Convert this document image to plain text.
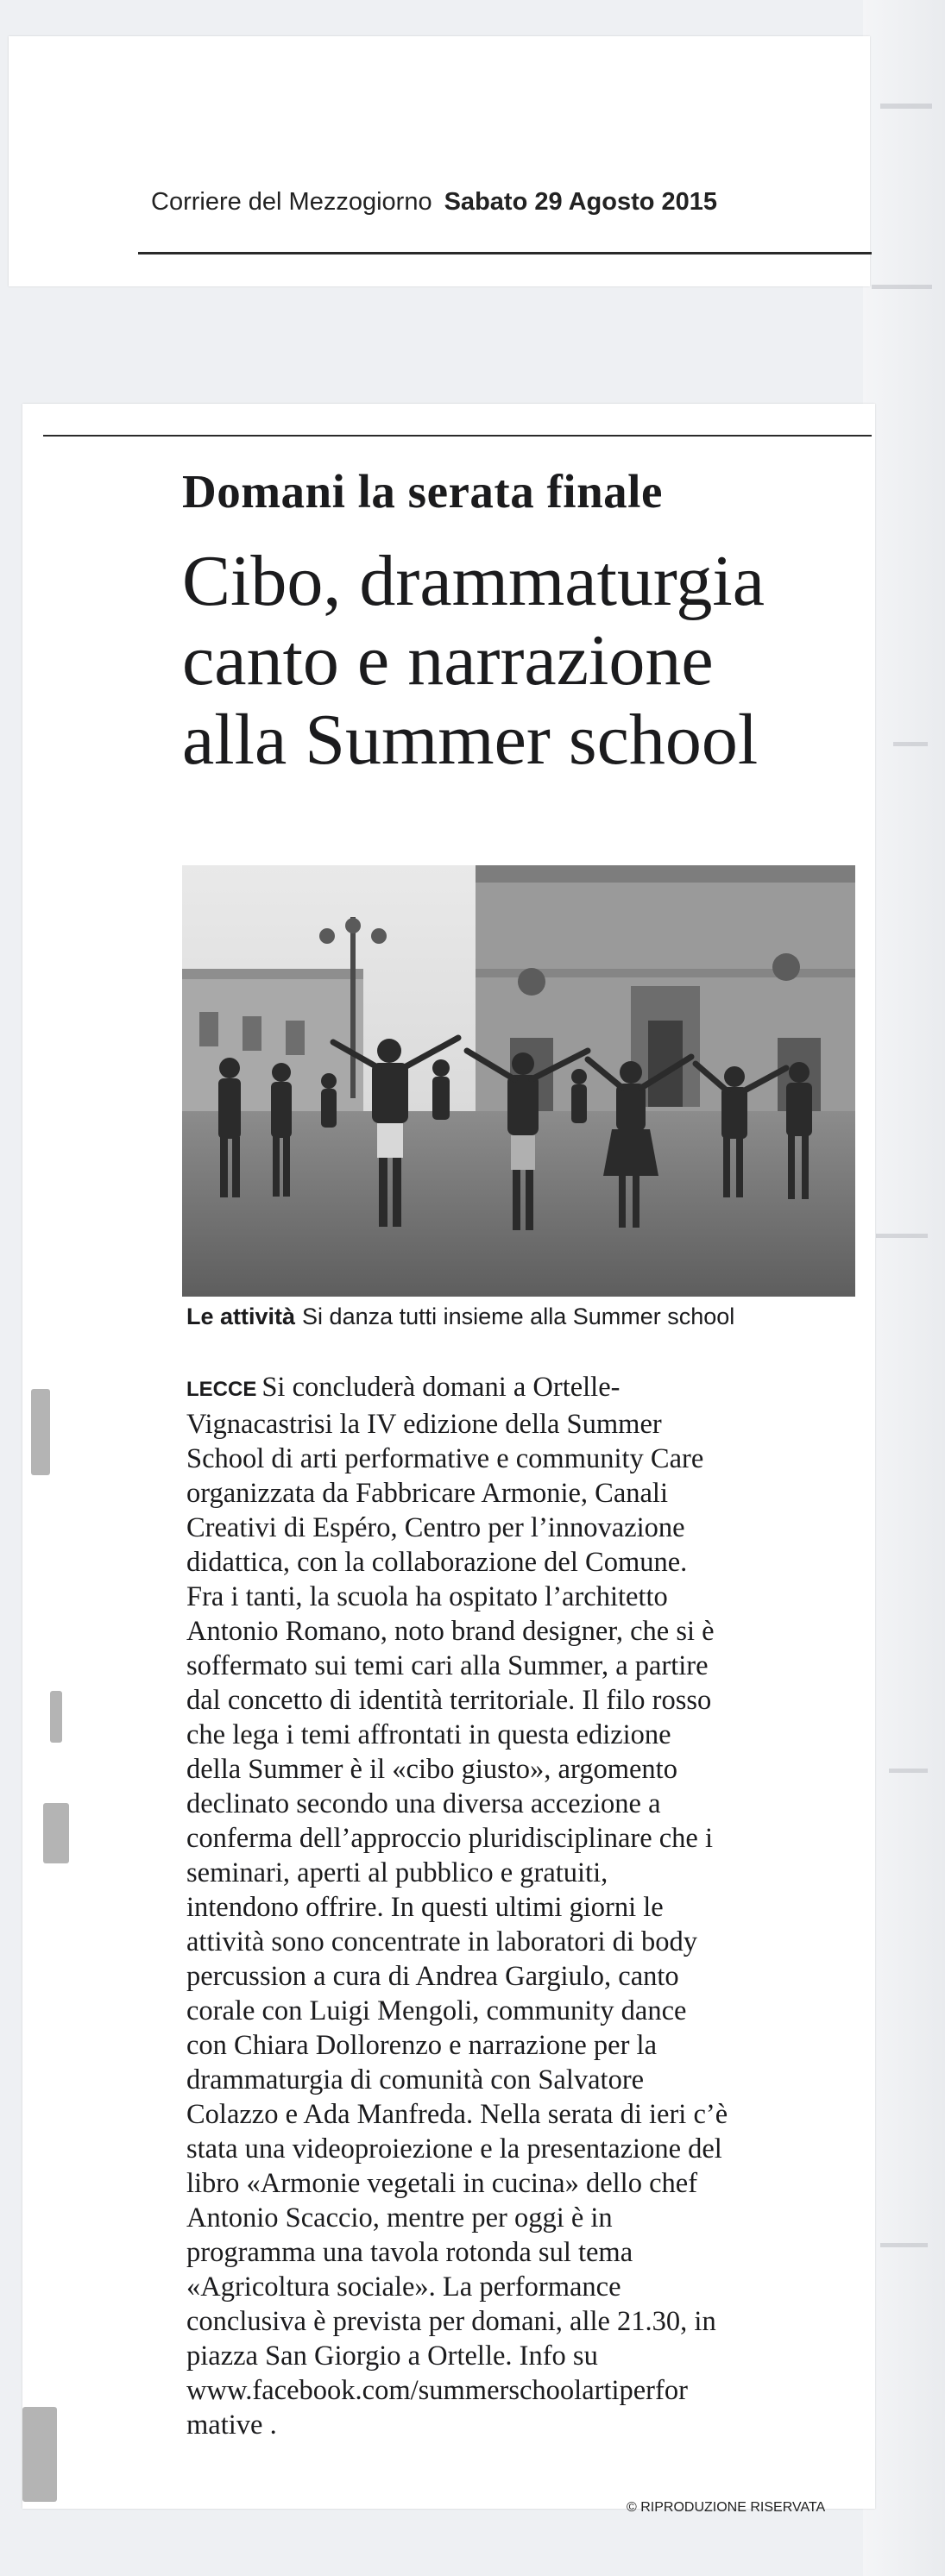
Corriere del Mezzogiorno Sabato 29 Agosto 2015
Domani la serata finale
Cibo, drammaturgia
canto e narrazione
alla Summer school
Le attività Si danza tutti insieme alla Summer school
LECCE Si concluderà domani a Ortelle-
Vignacastrisi la IV edizione della Summer
School di arti performative e community Care
organizzata da Fabbricare Armonie, Canali
Creativi di Espéro, Centro per l’innovazione
didattica, con la collaborazione del Comune.
Fra i tanti, la scuola ha ospitato l’architetto
Antonio Romano, noto brand designer, che si è
soffermato sui temi cari alla Summer, a partire
dal concetto di identità territoriale. Il filo rosso
che lega i temi affrontati in questa edizione
della Summer è il «cibo giusto», argomento
declinato secondo una diversa accezione a
conferma dell’approccio pluridisciplinare che i
seminari, aperti al pubblico e gratuiti,
intendono offrire. In questi ultimi giorni le
attività sono concentrate in laboratori di body
percussion a cura di Andrea Gargiulo, canto
corale con Luigi Mengoli, community dance
con Chiara Dollorenzo e narrazione per la
drammaturgia di comunità con Salvatore
Colazzo e Ada Manfreda. Nella serata di ieri c’è
stata una videoproiezione e la presentazione del
libro «Armonie vegetali in cucina» dello chef
Antonio Scaccio, mentre per oggi è in
programma una tavola rotonda sul tema
«Agricoltura sociale». La performance
conclusiva è prevista per domani, alle 21.30, in
piazza San Giorgio a Ortelle. Info su
www.facebook.com/summerschoolartiperfor
mative .
© RIPRODUZIONE RISERVATA
